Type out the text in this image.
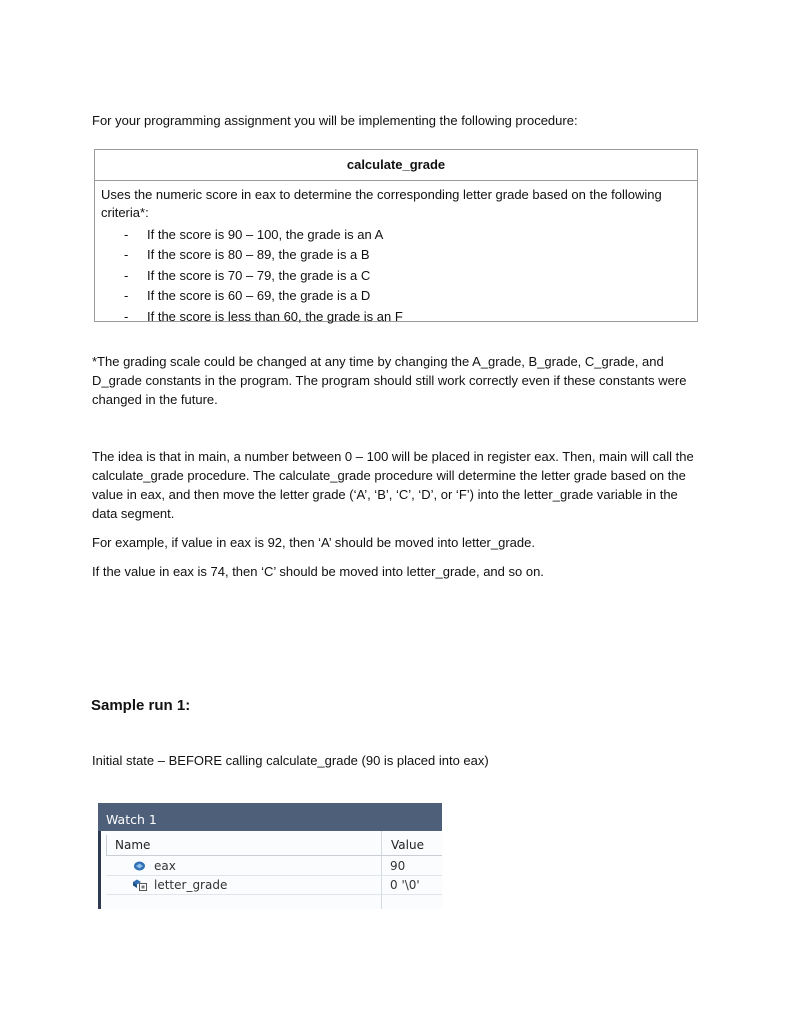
For your programming assignment you will be implementing the following procedure:

calculate_grade

Uses the numeric score in eax to determine the corresponding letter grade based on the following criteria*:

- If the score is 90 – 100, the grade is an A
- If the score is 80 – 89, the grade is a B
- If the score is 70 – 79, the grade is a C
- If the score is 60 – 69, the grade is a D
- If the score is less than 60, the grade is an F

*The grading scale could be changed at any time by changing the A_grade, B_grade, C_grade, and D_grade constants in the program. The program should still work correctly even if these constants were changed in the future.

The idea is that in main, a number between 0 – 100 will be placed in register eax. Then, main will call the calculate_grade procedure. The calculate_grade procedure will determine the letter grade based on the value in eax, and then move the letter grade (‘A’, ‘B’, ‘C’, ‘D’, or ‘F’) into the letter_grade variable in the data segment.

For example, if value in eax is 92, then ‘A’ should be moved into letter_grade.

If the value in eax is 74, then ‘C’ should be moved into letter_grade, and so on.

Sample run 1:

Initial state – BEFORE calling calculate_grade (90 is placed into eax)

Watch 1
Name	Value
eax	90
letter_grade	0 '\0'
